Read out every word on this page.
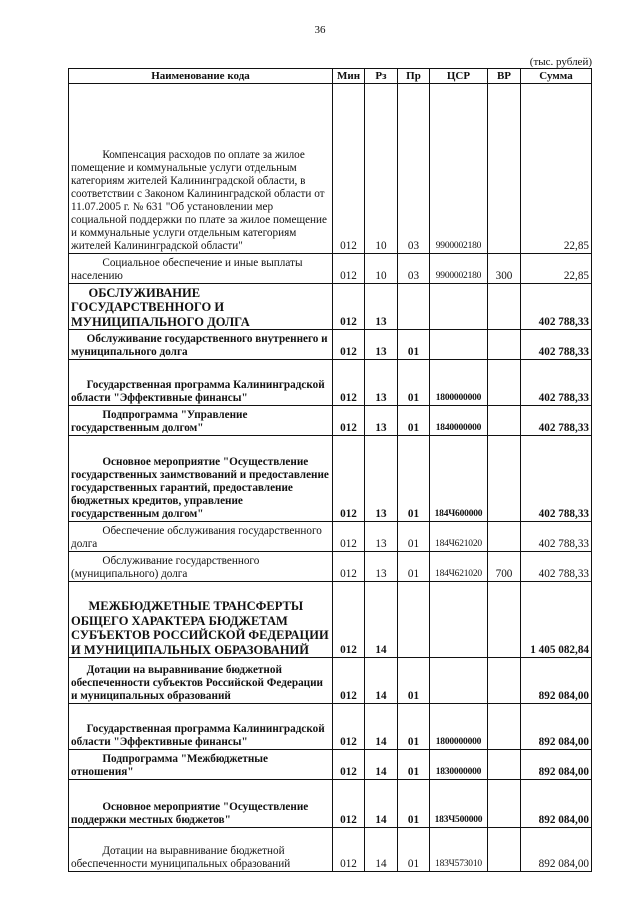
36
(тыс. рублей)
Наименование кода	Мин	Рз	Пр	ЦСР	ВР	Сумма
Компенсация расходов по оплате за жилое помещение и коммунальные услуги отдельным категориям жителей Калининградской области, в соответствии с Законом Калининградской области от 11.07.2005 г. № 631 "Об установлении мер социальной поддержки по плате за жилое помещение и коммунальные услуги отдельным категориям жителей Калининградской области"	012	10	03	9900002180		22,85
Социальное обеспечение и иные выплаты населению	012	10	03	9900002180	300	22,85
ОБСЛУЖИВАНИЕ ГОСУДАРСТВЕННОГО И МУНИЦИПАЛЬНОГО ДОЛГА	012	13				402 788,33
Обслуживание государственного внутреннего и муниципального долга	012	13	01			402 788,33
Государственная программа Калининградской области "Эффективные финансы"	012	13	01	1800000000		402 788,33
Подпрограмма "Управление государственным долгом"	012	13	01	1840000000		402 788,33
Основное мероприятие "Осуществление государственных заимствований и предоставление государственных гарантий, предоставление бюджетных кредитов, управление государственным долгом"	012	13	01	184Ч600000		402 788,33
Обеспечение обслуживания государственного долга	012	13	01	184Ч621020		402 788,33
Обслуживание государственного (муниципального) долга	012	13	01	184Ч621020	700	402 788,33
МЕЖБЮДЖЕТНЫЕ ТРАНСФЕРТЫ ОБЩЕГО ХАРАКТЕРА БЮДЖЕТАМ СУБЪЕКТОВ РОССИЙСКОЙ ФЕДЕРАЦИИ И МУНИЦИПАЛЬНЫХ ОБРАЗОВАНИЙ	012	14				1 405 082,84
Дотации на выравнивание бюджетной обеспеченности субъектов Российской Федерации и муниципальных образований	012	14	01			892 084,00
Государственная программа Калининградской области "Эффективные финансы"	012	14	01	1800000000		892 084,00
Подпрограмма "Межбюджетные отношения"	012	14	01	1830000000		892 084,00
Основное мероприятие "Осуществление поддержки местных бюджетов"	012	14	01	183Ч500000		892 084,00
Дотации на выравнивание бюджетной обеспеченности муниципальных образований	012	14	01	183Ч573010		892 084,00
